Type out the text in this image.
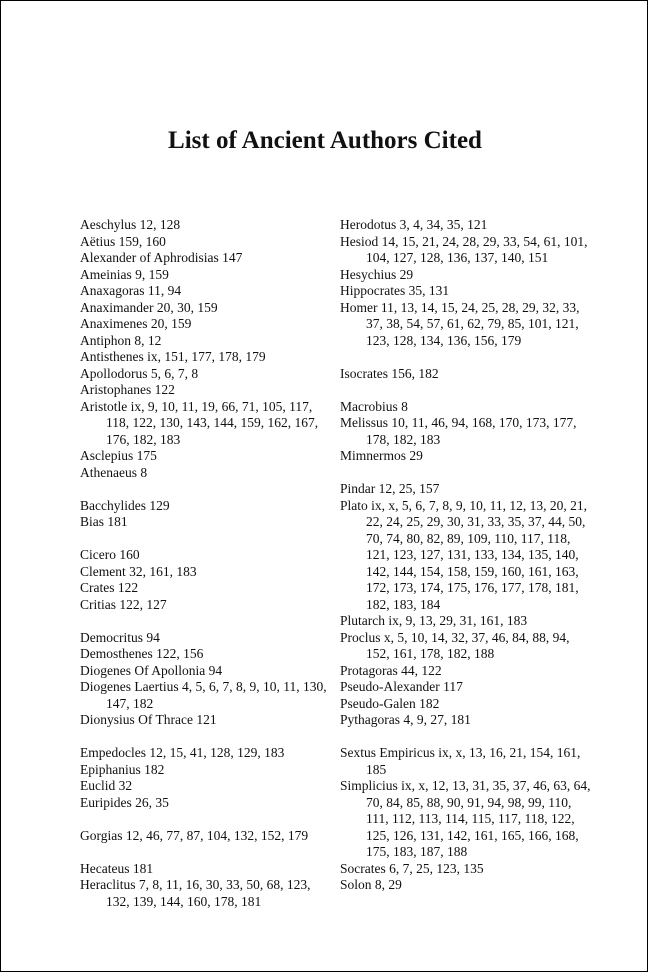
List of Ancient Authors Cited
Aeschylus 12, 128
Aëtius 159, 160
Alexander of Aphrodisias 147
Ameinias 9, 159
Anaxagoras 11, 94
Anaximander 20, 30, 159
Anaximenes 20, 159
Antiphon 8, 12
Antisthenes ix, 151, 177, 178, 179
Apollodorus 5, 6, 7, 8
Aristophanes 122
Aristotle ix, 9, 10, 11, 19, 66, 71, 105, 117, 118, 122, 130, 143, 144, 159, 162, 167, 176, 182, 183
Asclepius 175
Athenaeus 8
Bacchylides 129
Bias 181
Cicero 160
Clement 32, 161, 183
Crates 122
Critias 122, 127
Democritus 94
Demosthenes 122, 156
Diogenes Of Apollonia 94
Diogenes Laertius 4, 5, 6, 7, 8, 9, 10, 11, 130, 147, 182
Dionysius Of Thrace 121
Empedocles 12, 15, 41, 128, 129, 183
Epiphanius 182
Euclid 32
Euripides 26, 35
Gorgias 12, 46, 77, 87, 104, 132, 152, 179
Hecateus 181
Heraclitus 7, 8, 11, 16, 30, 33, 50, 68, 123, 132, 139, 144, 160, 178, 181
Herodotus 3, 4, 34, 35, 121
Hesiod 14, 15, 21, 24, 28, 29, 33, 54, 61, 101, 104, 127, 128, 136, 137, 140, 151
Hesychius 29
Hippocrates 35, 131
Homer 11, 13, 14, 15, 24, 25, 28, 29, 32, 33, 37, 38, 54, 57, 61, 62, 79, 85, 101, 121, 123, 128, 134, 136, 156, 179
Isocrates 156, 182
Macrobius 8
Melissus 10, 11, 46, 94, 168, 170, 173, 177, 178, 182, 183
Mimnermos 29
Pindar 12, 25, 157
Plato ix, x, 5, 6, 7, 8, 9, 10, 11, 12, 13, 20, 21, 22, 24, 25, 29, 30, 31, 33, 35, 37, 44, 50, 70, 74, 80, 82, 89, 109, 110, 117, 118, 121, 123, 127, 131, 133, 134, 135, 140, 142, 144, 154, 158, 159, 160, 161, 163, 172, 173, 174, 175, 176, 177, 178, 181, 182, 183, 184
Plutarch ix, 9, 13, 29, 31, 161, 183
Proclus x, 5, 10, 14, 32, 37, 46, 84, 88, 94, 152, 161, 178, 182, 188
Protagoras 44, 122
Pseudo-Alexander 117
Pseudo-Galen 182
Pythagoras 4, 9, 27, 181
Sextus Empiricus ix, x, 13, 16, 21, 154, 161, 185
Simplicius ix, x, 12, 13, 31, 35, 37, 46, 63, 64, 70, 84, 85, 88, 90, 91, 94, 98, 99, 110, 111, 112, 113, 114, 115, 117, 118, 122, 125, 126, 131, 142, 161, 165, 166, 168, 175, 183, 187, 188
Socrates 6, 7, 25, 123, 135
Solon 8, 29
